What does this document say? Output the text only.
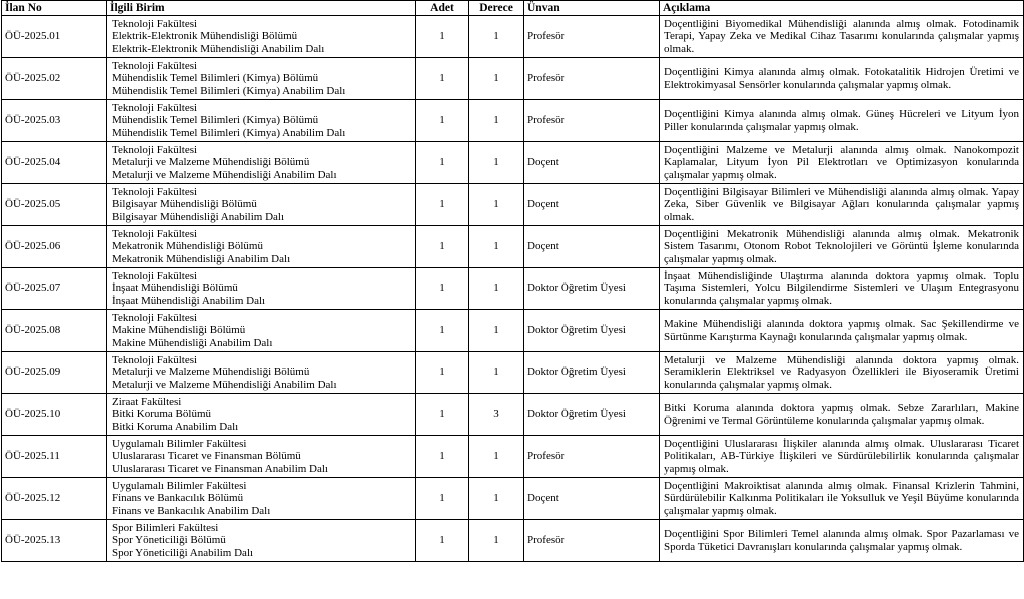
İlan No	İlgili Birim	Adet	Derece	Ünvan	Açıklama
ÖÜ-2025.01	Teknoloji Fakültesi
Elektrik-Elektronik Mühendisliği Bölümü
Elektrik-Elektronik Mühendisliği Anabilim Dalı	1	1	Profesör	Doçentliğini Biyomedikal Mühendisliği alanında almış olmak. Fotodinamik Terapi, Yapay Zeka ve Medikal Cihaz Tasarımı konularında çalışmalar yapmış olmak.
ÖÜ-2025.02	Teknoloji Fakültesi
Mühendislik Temel Bilimleri (Kimya) Bölümü
Mühendislik Temel Bilimleri (Kimya) Anabilim Dalı	1	1	Profesör	Doçentliğini Kimya alanında almış olmak. Fotokatalitik Hidrojen Üretimi ve Elektrokimyasal Sensörler konularında çalışmalar yapmış olmak.
ÖÜ-2025.03	Teknoloji Fakültesi
Mühendislik Temel Bilimleri (Kimya) Bölümü
Mühendislik Temel Bilimleri (Kimya) Anabilim Dalı	1	1	Profesör	Doçentliğini Kimya alanında almış olmak. Güneş Hücreleri ve Lityum İyon Piller konularında çalışmalar yapmış olmak.
ÖÜ-2025.04	Teknoloji Fakültesi
Metalurji ve Malzeme Mühendisliği Bölümü
Metalurji ve Malzeme Mühendisliği Anabilim Dalı	1	1	Doçent	Doçentliğini Malzeme ve Metalurji alanında almış olmak. Nanokompozit Kaplamalar, Lityum İyon Pil Elektrotları ve Optimizasyon konularında çalışmalar yapmış olmak.
ÖÜ-2025.05	Teknoloji Fakültesi
Bilgisayar Mühendisliği Bölümü
Bilgisayar Mühendisliği Anabilim Dalı	1	1	Doçent	Doçentliğini Bilgisayar Bilimleri ve Mühendisliği alanında almış olmak. Yapay Zeka, Siber Güvenlik ve Bilgisayar Ağları konularında çalışmalar yapmış olmak.
ÖÜ-2025.06	Teknoloji Fakültesi
Mekatronik Mühendisliği Bölümü
Mekatronik Mühendisliği Anabilim Dalı	1	1	Doçent	Doçentliğini Mekatronik Mühendisliği alanında almış olmak. Mekatronik Sistem Tasarımı, Otonom Robot Teknolojileri ve Görüntü İşleme konularında çalışmalar yapmış olmak.
ÖÜ-2025.07	Teknoloji Fakültesi
İnşaat Mühendisliği Bölümü
İnşaat Mühendisliği Anabilim Dalı	1	1	Doktor Öğretim Üyesi	İnşaat Mühendisliğinde Ulaştırma alanında doktora yapmış olmak. Toplu Taşıma Sistemleri, Yolcu Bilgilendirme Sistemleri ve Ulaşım Entegrasyonu konularında çalışmalar yapmış olmak.
ÖÜ-2025.08	Teknoloji Fakültesi
Makine Mühendisliği Bölümü
Makine Mühendisliği Anabilim Dalı	1	1	Doktor Öğretim Üyesi	Makine Mühendisliği alanında doktora yapmış olmak. Sac Şekillendirme ve Sürtünme Karıştırma Kaynağı konularında çalışmalar yapmış olmak.
ÖÜ-2025.09	Teknoloji Fakültesi
Metalurji ve Malzeme Mühendisliği Bölümü
Metalurji ve Malzeme Mühendisliği Anabilim Dalı	1	1	Doktor Öğretim Üyesi	Metalurji ve Malzeme Mühendisliği alanında doktora yapmış olmak. Seramiklerin Elektriksel ve Radyasyon Özellikleri ile Biyoseramik Üretimi konularında çalışmalar yapmış olmak.
ÖÜ-2025.10	Ziraat Fakültesi
Bitki Koruma Bölümü
Bitki Koruma Anabilim Dalı	1	3	Doktor Öğretim Üyesi	Bitki Koruma alanında doktora yapmış olmak. Sebze Zararlıları, Makine Öğrenimi ve Termal Görüntüleme konularında çalışmalar yapmış olmak.
ÖÜ-2025.11	Uygulamalı Bilimler Fakültesi
Uluslararası Ticaret ve Finansman Bölümü
Uluslararası Ticaret ve Finansman Anabilim Dalı	1	1	Profesör	Doçentliğini Uluslararası İlişkiler alanında almış olmak. Uluslararası Ticaret Politikaları, AB-Türkiye İlişkileri ve Sürdürülebilirlik konularında çalışmalar yapmış olmak.
ÖÜ-2025.12	Uygulamalı Bilimler Fakültesi
Finans ve Bankacılık Bölümü
Finans ve Bankacılık Anabilim Dalı	1	1	Doçent	Doçentliğini Makroiktisat alanında almış olmak. Finansal Krizlerin Tahmini, Sürdürülebilir Kalkınma Politikaları ile Yoksulluk ve Yeşil Büyüme konularında çalışmalar yapmış olmak.
ÖÜ-2025.13	Spor Bilimleri Fakültesi
Spor Yöneticiliği Bölümü
Spor Yöneticiliği Anabilim Dalı	1	1	Profesör	Doçentliğini Spor Bilimleri Temel alanında almış olmak. Spor Pazarlaması ve Sporda Tüketici Davranışları konularında çalışmalar yapmış olmak.
